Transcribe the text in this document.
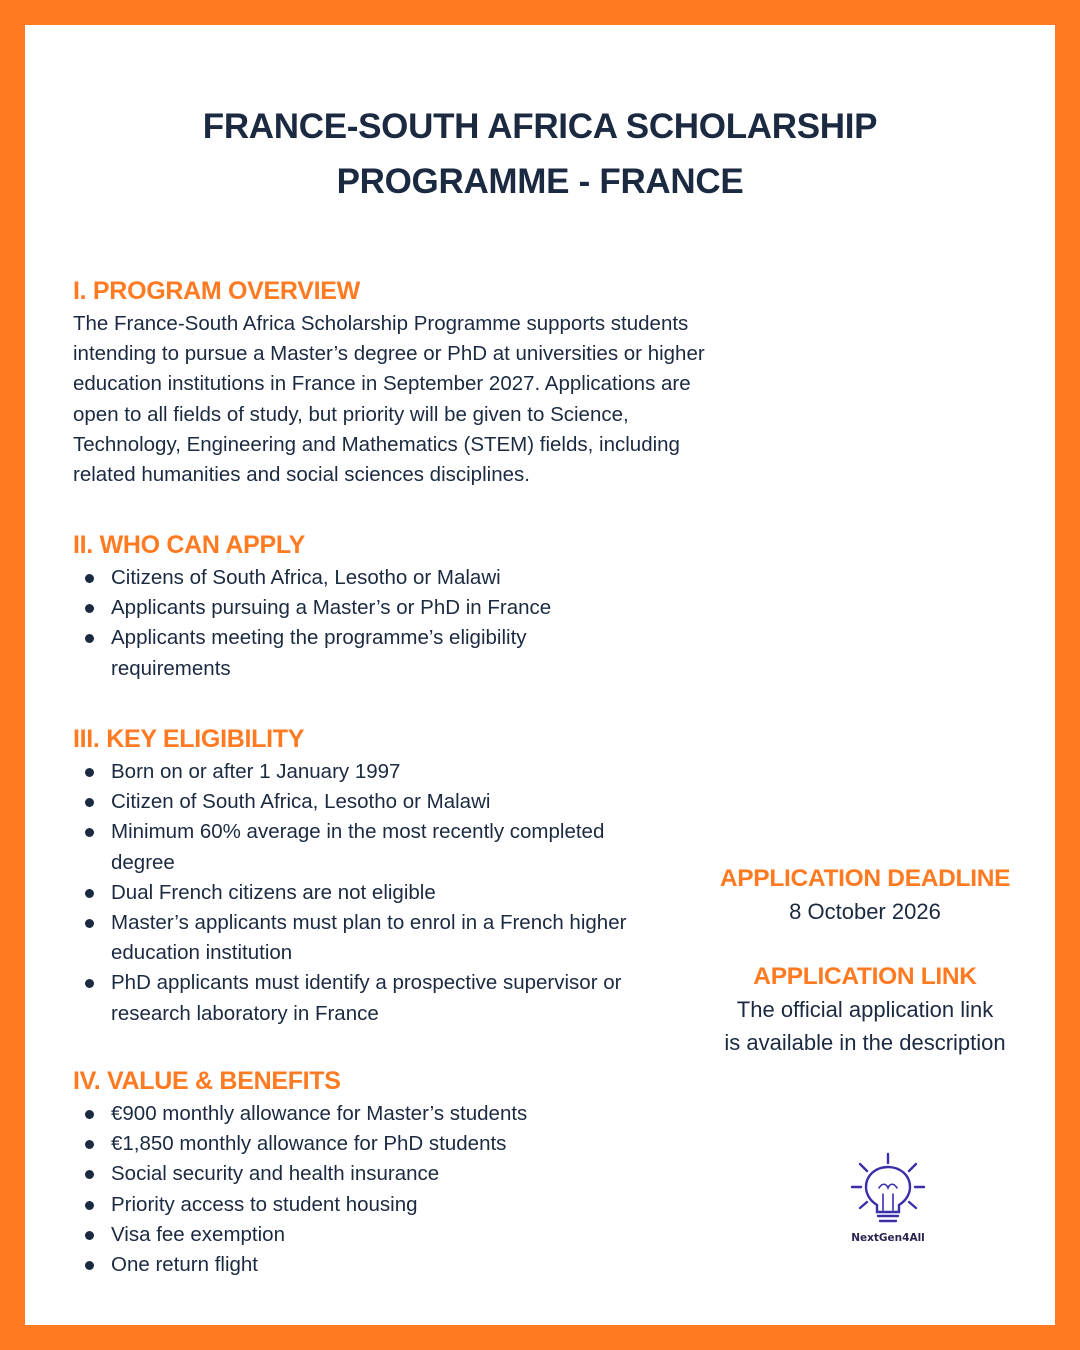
FRANCE-SOUTH AFRICA SCHOLARSHIP
PROGRAMME - FRANCE
I. PROGRAM OVERVIEW

The France-South Africa Scholarship Programme supports students intending to pursue a Master’s degree or PhD at universities or higher education institutions in France in September 2027. Applications are open to all fields of study, but priority will be given to Science, Technology, Engineering and Mathematics (STEM) fields, including related humanities and social sciences disciplines.

II. WHO CAN APPLY
Citizens of South Africa, Lesotho or Malawi
Applicants pursuing a Master’s or PhD in France
Applicants meeting the programme’s eligibility requirements
III. KEY ELIGIBILITY
Born on or after 1 January 1997
Citizen of South Africa, Lesotho or Malawi
Minimum 60% average in the most recently completed degree
Dual French citizens are not eligible
Master’s applicants must plan to enrol in a French higher education institution
PhD applicants must identify a prospective supervisor or research laboratory in France
IV. VALUE & BENEFITS
€900 monthly allowance for Master’s students
€1,850 monthly allowance for PhD students
Social security and health insurance
Priority access to student housing
Visa fee exemption
One return flight
APPLICATION DEADLINE
8 October 2026
APPLICATION LINK
The official application link
is available in the description
NextGen4All
